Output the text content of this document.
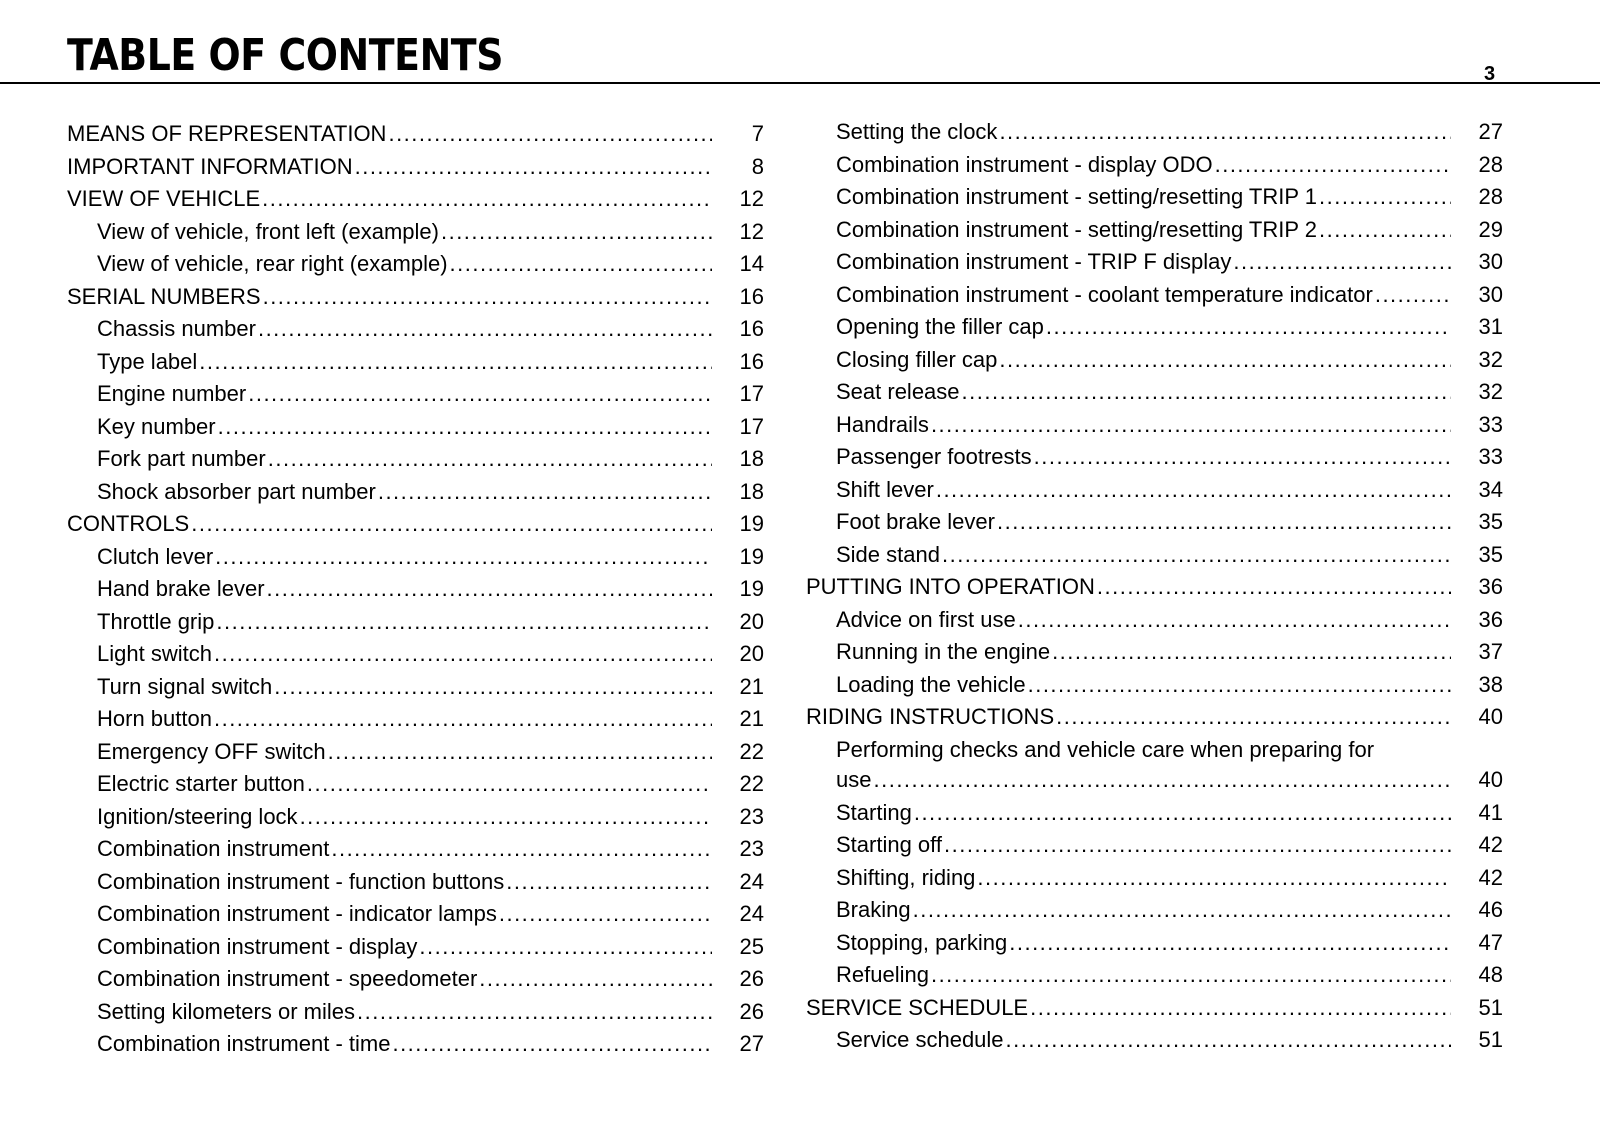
TABLE OF CONTENTS	3
MEANS OF REPRESENTATION .....	7
IMPORTANT INFORMATION .....	8
VIEW OF VEHICLE .....	12
View of vehicle, front left (example) .....	12
View of vehicle, rear right (example) .....	14
SERIAL NUMBERS .....	16
Chassis number .....	16
Type label .....	16
Engine number .....	17
Key number .....	17
Fork part number .....	18
Shock absorber part number .....	18
CONTROLS .....	19
Clutch lever .....	19
Hand brake lever .....	19
Throttle grip .....	20
Light switch .....	20
Turn signal switch .....	21
Horn button .....	21
Emergency OFF switch .....	22
Electric starter button .....	22
Ignition/steering lock .....	23
Combination instrument .....	23
Combination instrument - function buttons .....	24
Combination instrument - indicator lamps .....	24
Combination instrument - display .....	25
Combination instrument - speedometer .....	26
Setting kilometers or miles .....	26
Combination instrument - time .....	27
Setting the clock .....	27
Combination instrument - display ODO .....	28
Combination instrument - setting/resetting TRIP 1 .....	28
Combination instrument - setting/resetting TRIP 2 .....	29
Combination instrument - TRIP F display .....	30
Combination instrument - coolant temperature indicator .....	30
Opening the filler cap .....	31
Closing filler cap .....	32
Seat release .....	32
Handrails .....	33
Passenger footrests .....	33
Shift lever .....	34
Foot brake lever .....	35
Side stand .....	35
PUTTING INTO OPERATION .....	36
Advice on first use .....	36
Running in the engine .....	37
Loading the vehicle .....	38
RIDING INSTRUCTIONS .....	40
Performing checks and vehicle care when preparing for
use .....	40
Starting .....	41
Starting off .....	42
Shifting, riding .....	42
Braking .....	46
Stopping, parking .....	47
Refueling .....	48
SERVICE SCHEDULE .....	51
Service schedule .....	51
